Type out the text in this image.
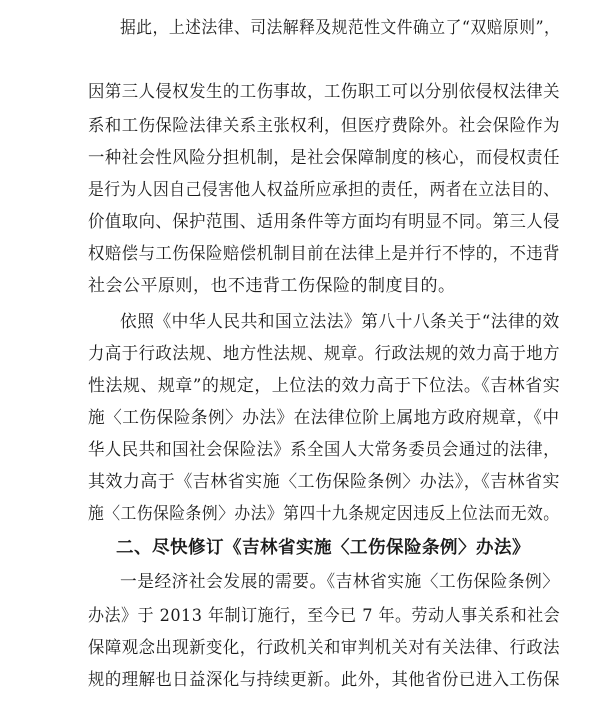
据此，上述法律、司法解释及规范性文件确立了“双赔原则”，
因第三人侵权发生的工伤事故，工伤职工可以分别依侵权法律关
系和工伤保险法律关系主张权利，但医疗费除外。社会保险作为
一种社会性风险分担机制，是社会保障制度的核心，而侵权责任
是行为人因自己侵害他人权益所应承担的责任，两者在立法目的、
价值取向、保护范围、适用条件等方面均有明显不同。第三人侵
权赔偿与工伤保险赔偿机制目前在法律上是并行不悖的，不违背
社会公平原则，也不违背工伤保险的制度目的。
依照《中华人民共和国立法法》第八十八条关于“法律的效
力高于行政法规、地方性法规、规章。行政法规的效力高于地方
性法规、规章”的规定，上位法的效力高于下位法。《吉林省实
施〈工伤保险条例〉办法》在法律位阶上属地方政府规章，《中
华人民共和国社会保险法》系全国人大常务委员会通过的法律，
其效力高于《吉林省实施〈工伤保险条例〉办法》，《吉林省实
施〈工伤保险条例〉办法》第四十九条规定因违反上位法而无效。
二、尽快修订《吉林省实施〈工伤保险条例〉办法》
一是经济社会发展的需要。《吉林省实施〈工伤保险条例〉
办法》于 2013 年制订施行，至今已 7 年。劳动人事关系和社会
保障观念出现新变化，行政机关和审判机关对有关法律、行政法
规的理解也日益深化与持续更新。此外，其他省份已进入工伤保
